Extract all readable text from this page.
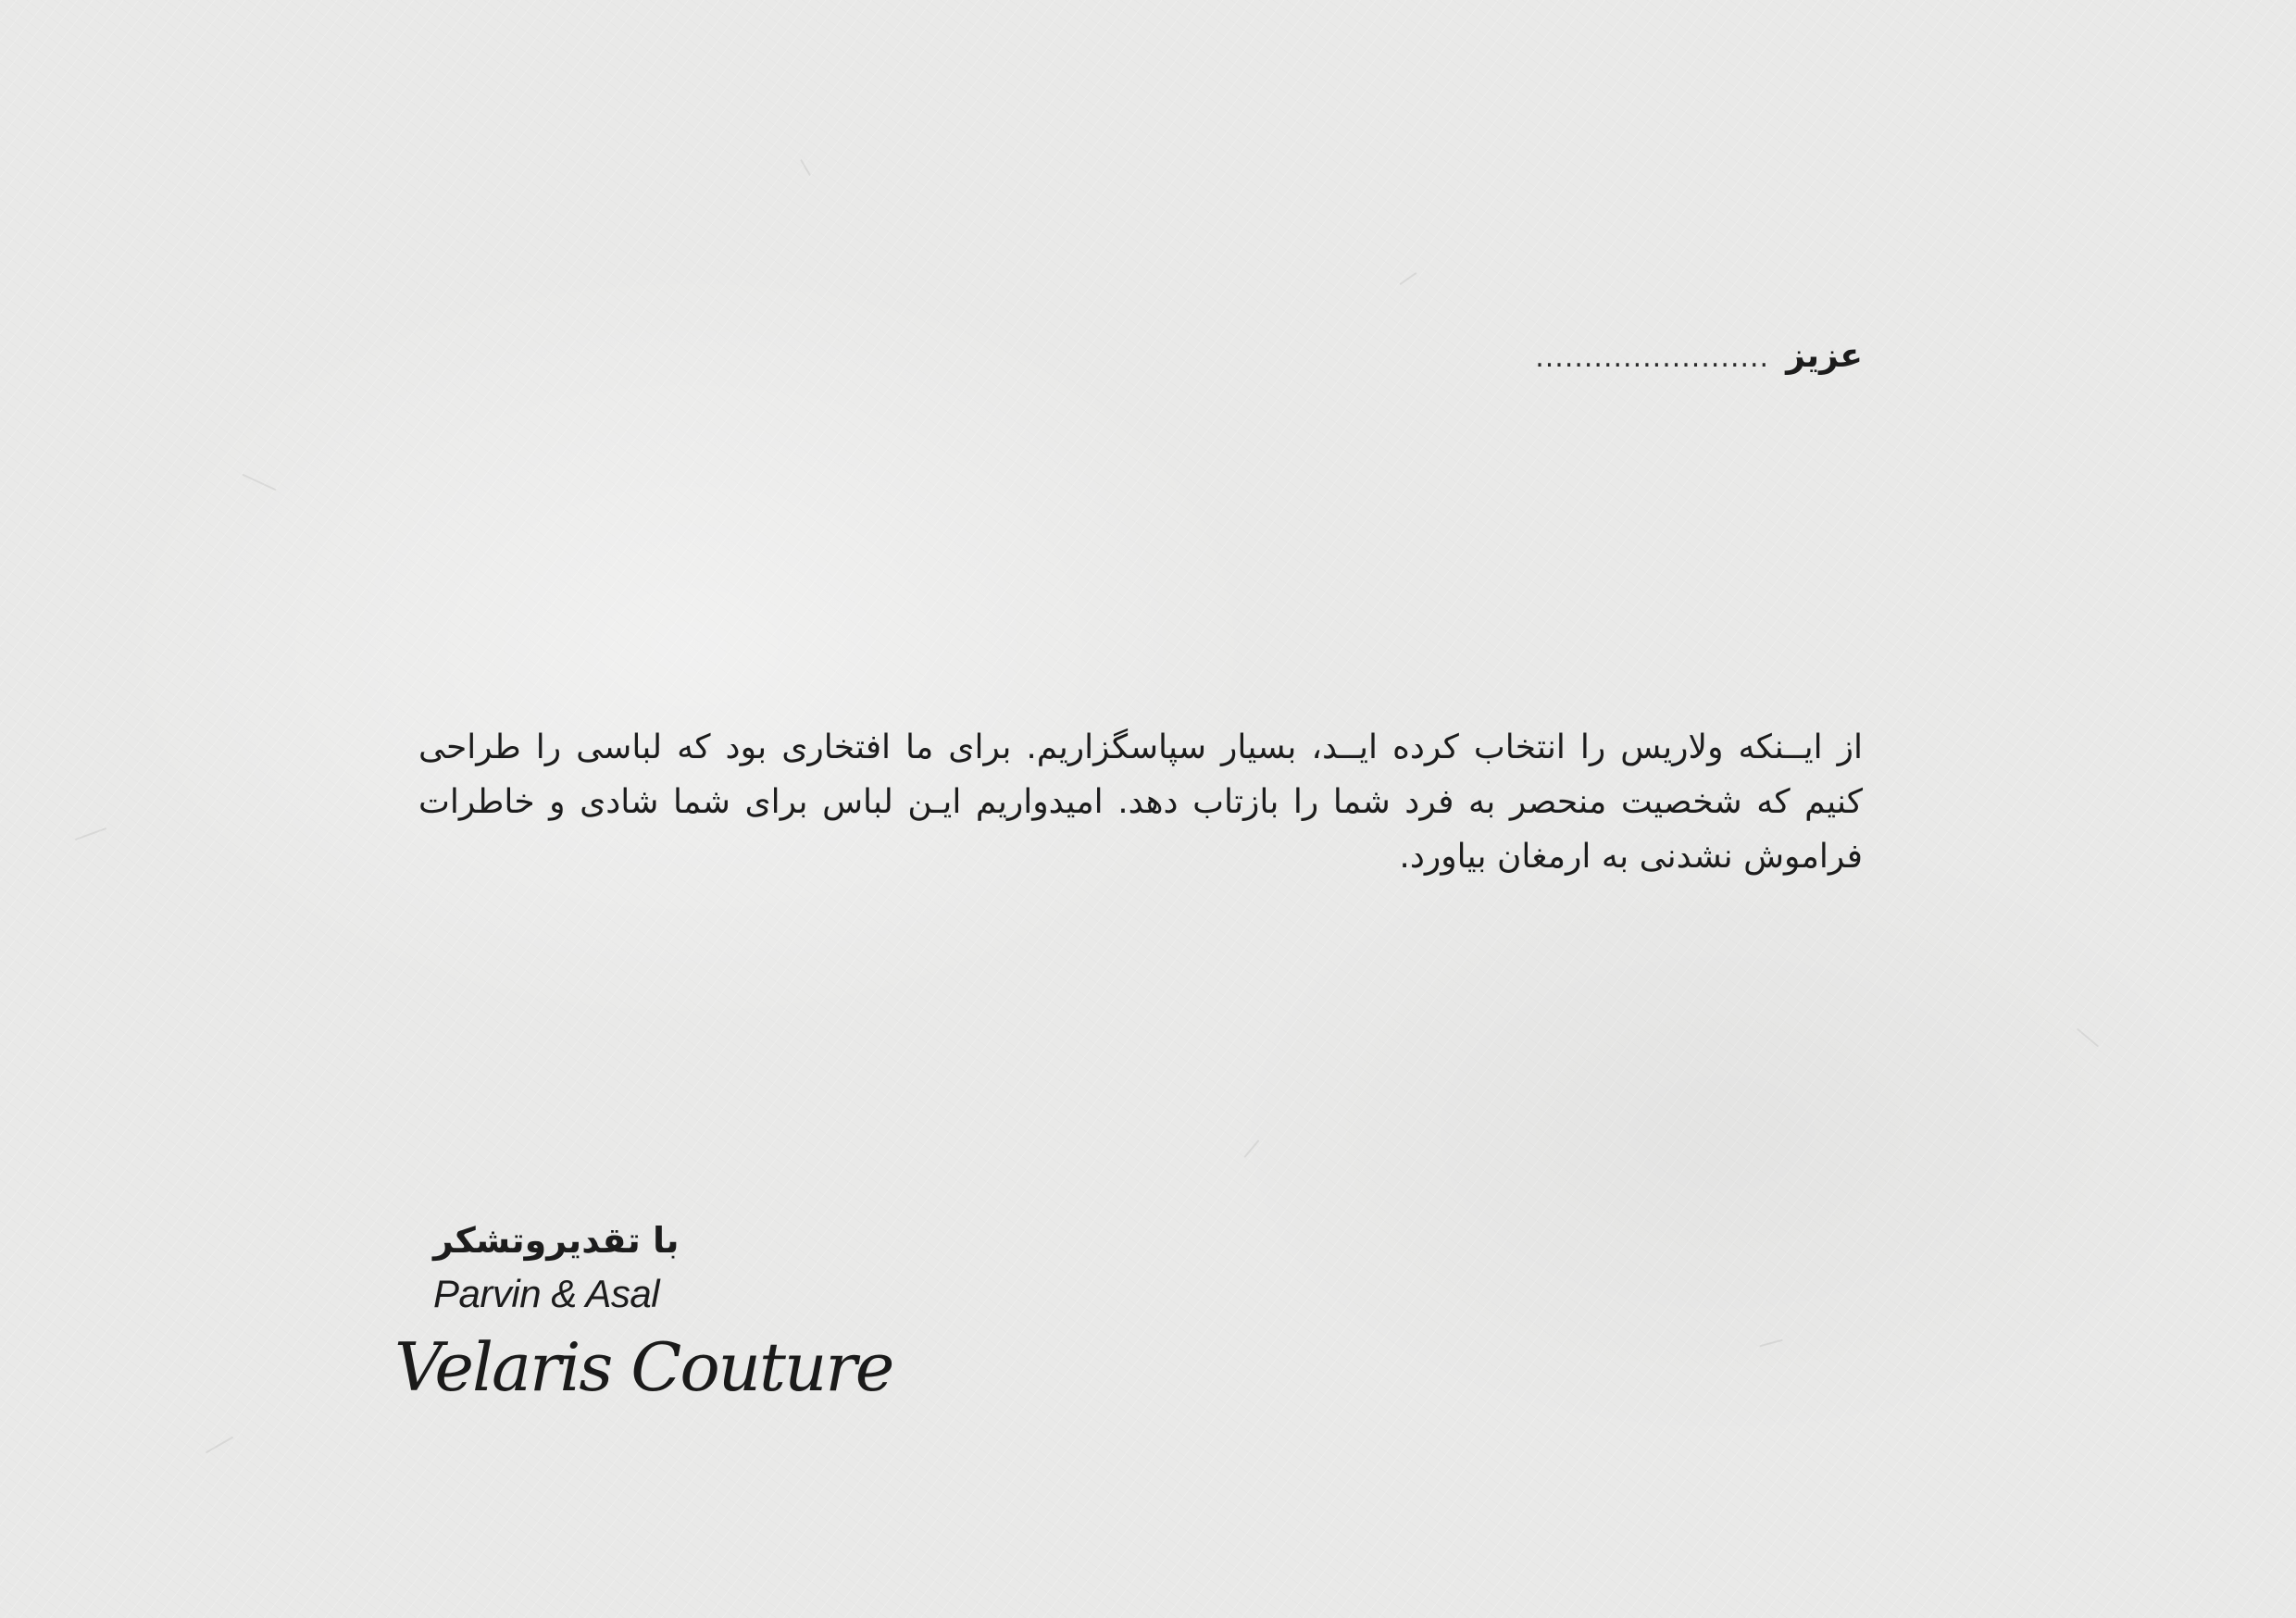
عزیز
........................
از ایــنکه ولاریس را انتخاب کرده ایــد، بسیار سپاسگزاریم. برای ما افتخاری بود که لباسی را طراحی کنیم که شخصیت منحصر به فرد شما را بازتاب دهد. امیدواریم ایـن لباس برای شما شادی و خاطرات فراموش نشدنی به ارمغان بیاورد.
با تقدیروتشکر
Parvin & Asal
Velaris Couture
